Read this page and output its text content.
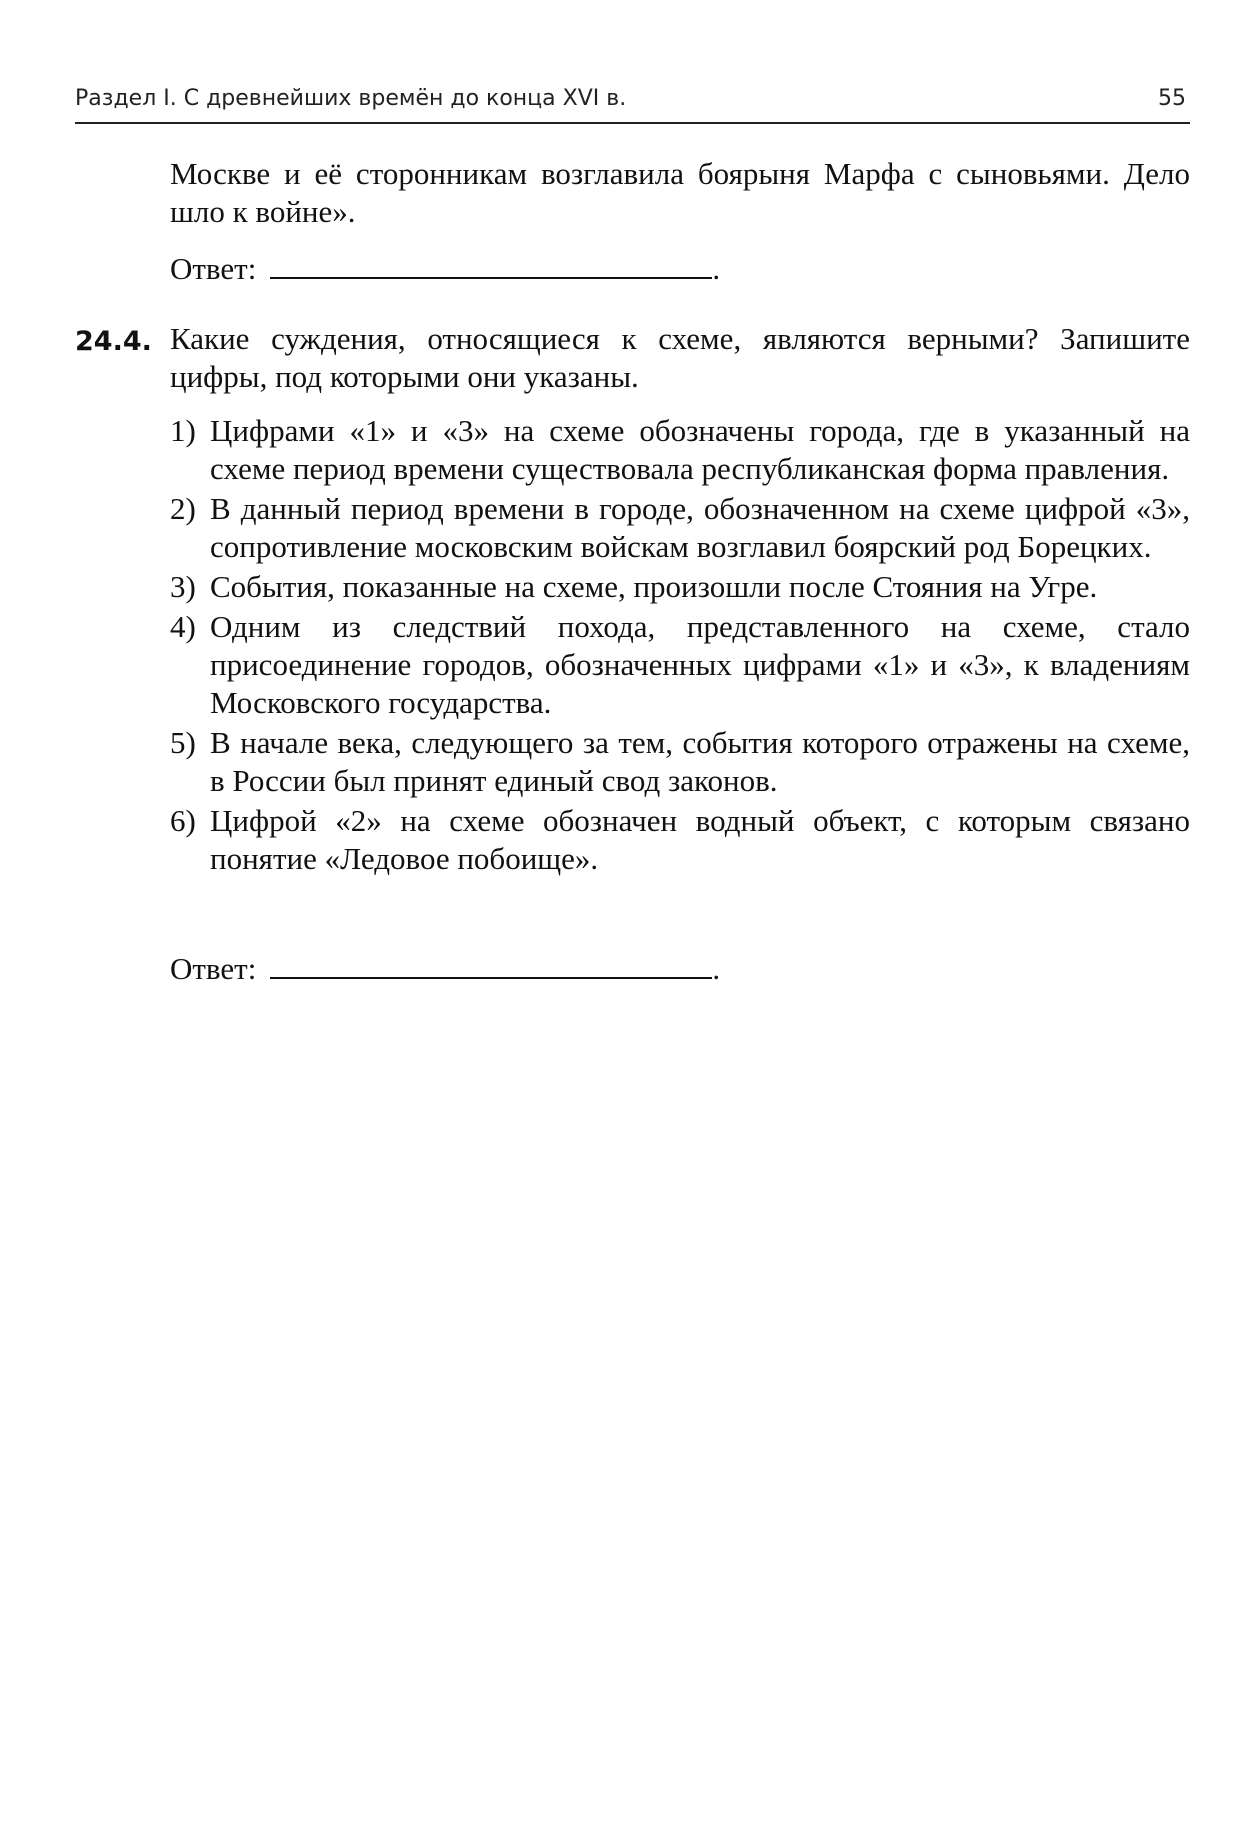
Раздел I. С древнейших времён до конца XVI в.	55
Москве и её сторонникам возглавила боярыня Марфа с сыновьями. Дело шло к войне».
Ответ:	.
24.4. Какие суждения, относящиеся к схеме, являются верными? Запишите цифры, под которыми они указаны.
1) Цифрами «1» и «3» на схеме обозначены города, где в указанный на схеме период времени существовала республиканская форма правления.
2) В данный период времени в городе, обозначенном на схеме цифрой «3», сопротивление московским войскам возглавил боярский род Борецких.
3) События, показанные на схеме, произошли после Стояния на Угре.
4) Одним из следствий похода, представленного на схеме, стало присоединение городов, обозначенных цифрами «1» и «3», к владениям Московского государства.
5) В начале века, следующего за тем, события которого отражены на схеме, в России был принят единый свод законов.
6) Цифрой «2» на схеме обозначен водный объект, с которым связано понятие «Ледовое побоище».
Ответ:	.
